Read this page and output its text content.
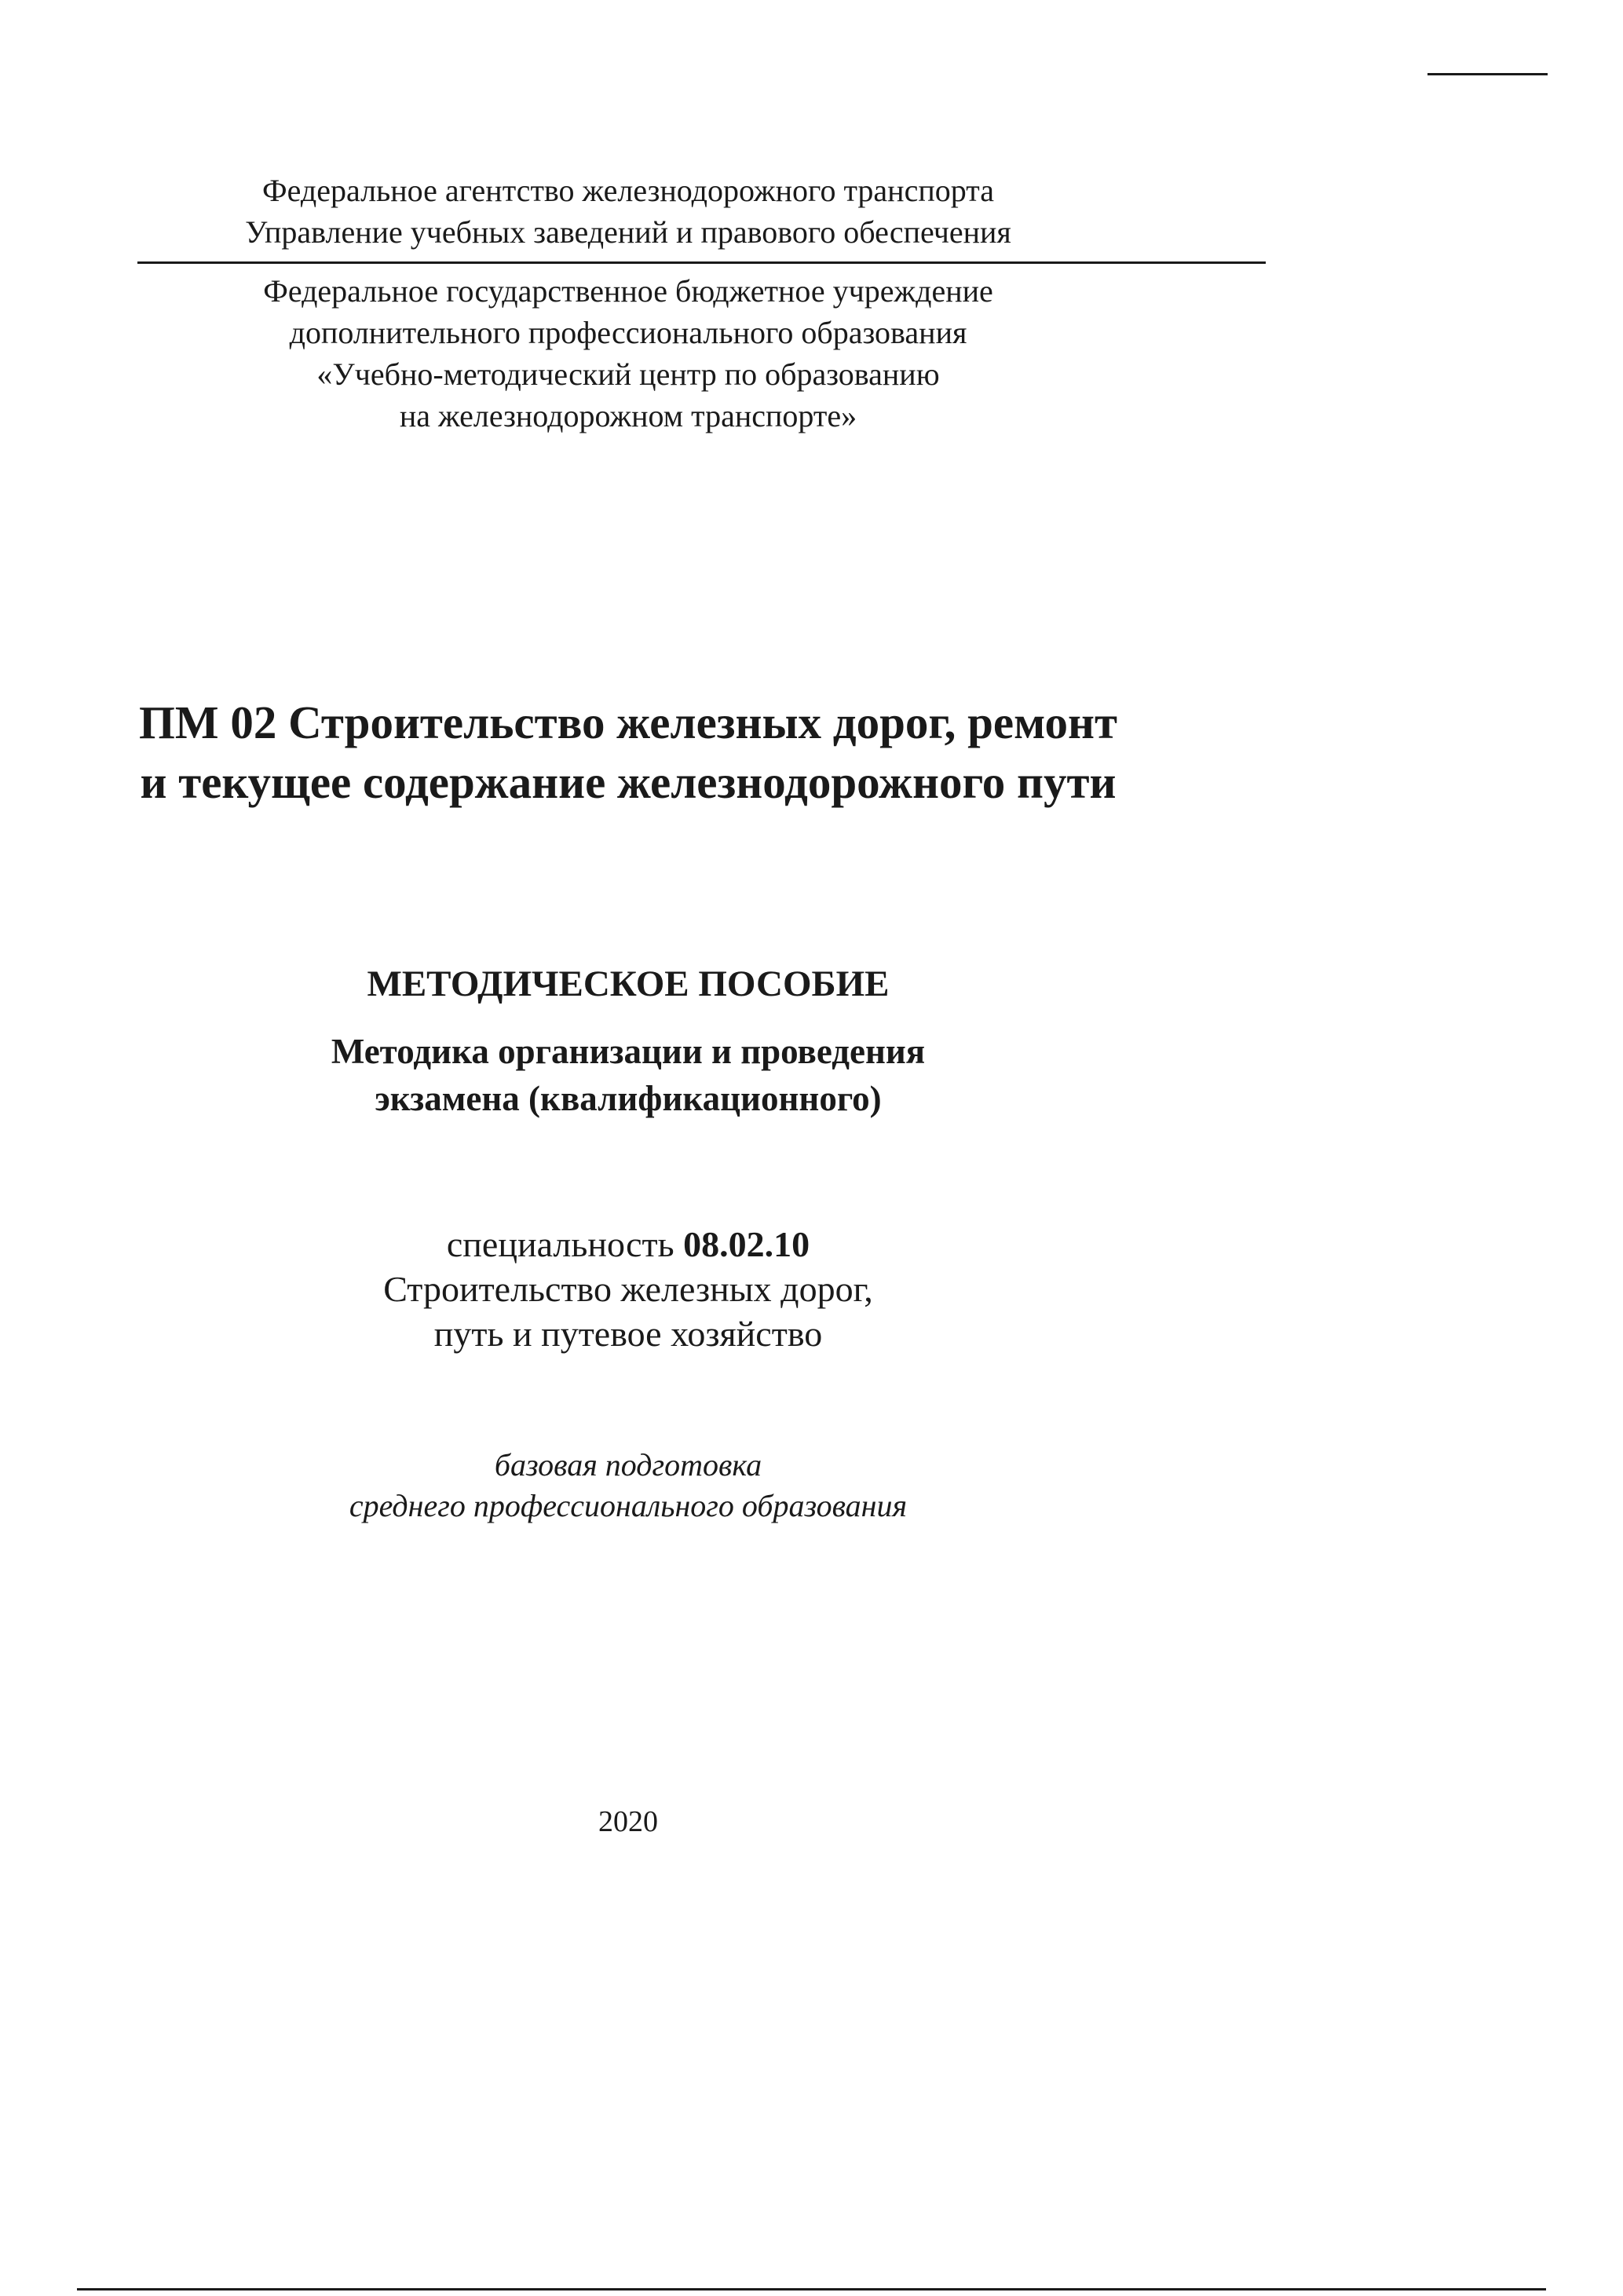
Федеральное агентство железнодорожного транспорта
Управление учебных заведений и правового обеспечения
Федеральное государственное бюджетное учреждение
дополнительного профессионального образования
«Учебно-методический центр по образованию
на железнодорожном транспорте»
ПМ 02 Строительство железных дорог, ремонт
и текущее содержание железнодорожного пути
МЕТОДИЧЕСКОЕ ПОСОБИЕ
Методика организации и проведения
экзамена (квалификационного)
специальность 08.02.10
Строительство железных дорог,
путь и путевое хозяйство
базовая подготовка
среднего профессионального образования
2020
